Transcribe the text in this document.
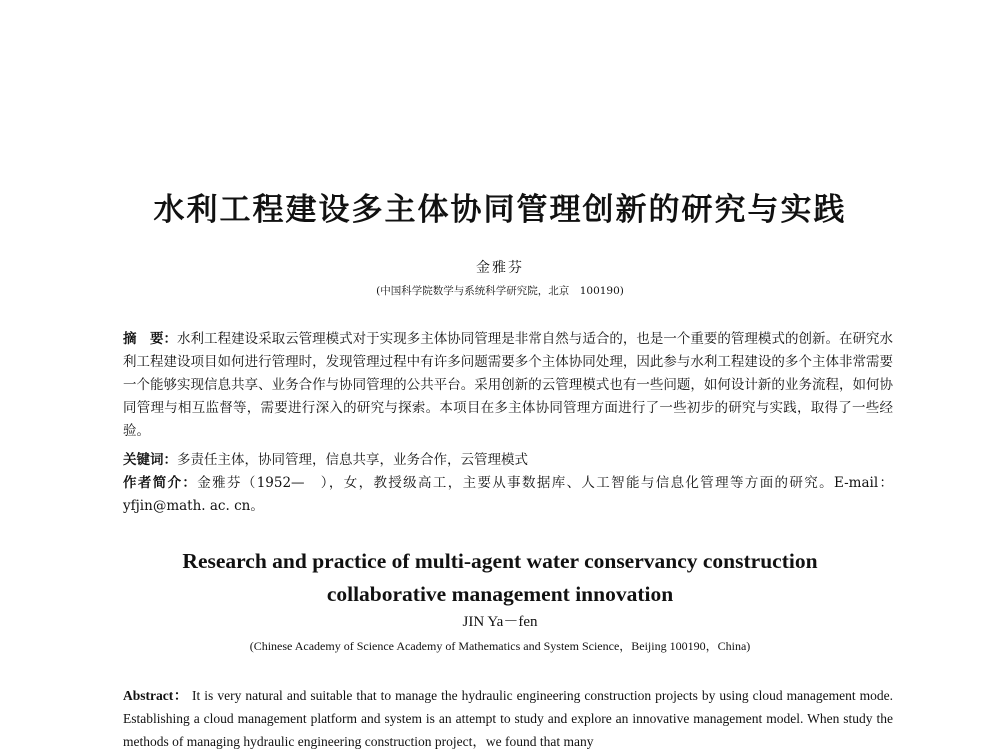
水利工程建设多主体协同管理创新的研究与实践
金雅芬
(中国科学院数学与系统科学研究院，北京　100190)
摘　要：水利工程建设采取云管理模式对于实现多主体协同管理是非常自然与适合的，也是一个重要的管理模式的创新。在研究水利工程建设项目如何进行管理时，发现管理过程中有许多问题需要多个主体协同处理，因此参与水利工程建设的多个主体非常需要一个能够实现信息共享、业务合作与协同管理的公共平台。采用创新的云管理模式也有一些问题，如何设计新的业务流程，如何协同管理与相互监督等，需要进行深入的研究与探索。本项目在多主体协同管理方面进行了一些初步的研究与实践，取得了一些经验。
关键词：多责任主体，协同管理，信息共享，业务合作，云管理模式
作者简介：金雅芬（1952—　），女，教授级高工，主要从事数据库、人工智能与信息化管理等方面的研究。E-mail：yfjin@math. ac. cn。
Research and practice of multi-agent water conservancy construction
collaborative management innovation
JIN Ya－fen
(Chinese Academy of Science Academy of Mathematics and System Science，Beijing 100190，China)
Abstract： It is very natural and suitable that to manage the hydraulic engineering construction projects by using cloud management mode. Establishing a cloud management platform and system is an attempt to study and explore an innovative management model. When study the methods of managing hydraulic engineering construction project，we found that many
